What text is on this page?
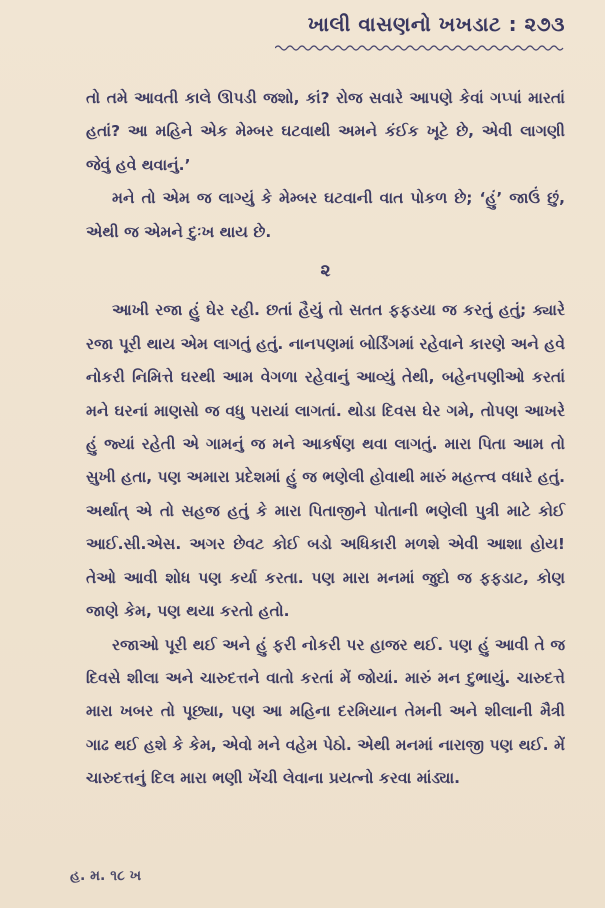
ખાલી વાસણનો ખખડાટ : ૨૭૩

તો તમે આવતી કાલે ઊપડી જશો, કાં? રોજ સવારે આપણે કેવાં ગપ્પાં મારતાં હતાં? આ મહિને એક મેમ્બર ઘટવાથી અમને કંઈક ખૂટે છે, એવી લાગણી જેવું હવે થવાનું.’

મને તો એમ જ લાગ્યું કે મેમ્બર ઘટવાની વાત પોકળ છે; ‘હું’ જાઉં છું, એથી જ એમને દુઃખ થાય છે.

૨

આખી રજા હું ઘેર રહી. છતાં હૈયું તો સતત ફફડયા જ કરતું હતું; ક્યારે રજા પૂરી થાય એમ લાગતું હતું. નાનપણમાં બોર્ડિંગમાં રહેવાને કારણે અને હવે નોકરી નિમિત્તે ઘરથી આમ વેગળા રહેવાનું આવ્યું તેથી, બહેનપણીઓ કરતાં મને ઘરનાં માણસો જ વધુ પરાયાં લાગતાં. થોડા દિવસ ઘેર ગમે, તોપણ આખરે હું જ્યાં રહેતી એ ગામનું જ મને આકર્ષણ થવા લાગતું. મારા પિતા આમ તો સુખી હતા, પણ અમારા પ્રદેશમાં હું જ ભણેલી હોવાથી મારું મહત્ત્વ વધારે હતું. અર્થાત્ એ તો સહજ હતું કે મારા પિતાજીને પોતાની ભણેલી પુત્રી માટે કોઈ આઈ.સી.એસ. અગર છેવટ કોઈ બડો અધિકારી મળશે એવી આશા હોય! તેઓ આવી શોધ પણ કર્યા કરતા. પણ મારા મનમાં જુદો જ ફફડાટ, કોણ જાણે કેમ, પણ થયા કરતો હતો.

રજાઓ પૂરી થઈ અને હું ફરી નોકરી પર હાજર થઈ. પણ હું આવી તે જ દિવસે શીલા અને ચારુદત્તને વાતો કરતાં મેં જોયાં. મારું મન દુભાયું. ચારુદત્તે મારા ખબર તો પૂછ્યા, પણ આ મહિના દરમિયાન તેમની અને શીલાની મૈત્રી ગાઢ થઈ હશે કે કેમ, એવો મને વહેમ પેઠો. એથી મનમાં નારાજી પણ થઈ. મેં ચારુદત્તનું દિલ મારા ભણી ખેંચી લેવાના પ્રયત્નો કરવા માંડ્યા.

હ. મ. ૧૮ ખ
